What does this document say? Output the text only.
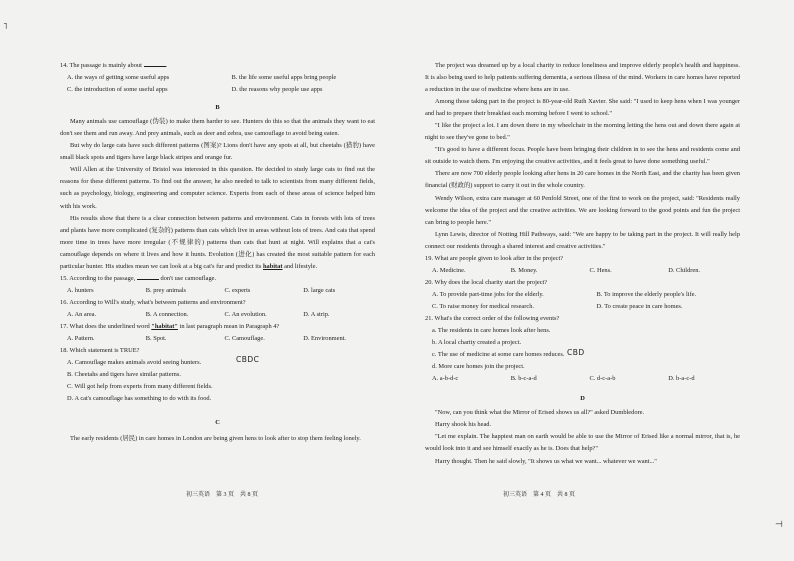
˥
⊣

14. The passage is mainly about	.

A. the ways of getting some useful apps	B. the life some useful apps bring people
C. the introduction of some useful apps	D. the reasons why people use apps
B

Many animals use camouflage (伪装) to make them harder to see. Hunters do this so that the animals they want to eat don't see them and run away. And prey animals, such as deer and zebra, use camouflage to avoid being eaten.

But why do large cats have such different patterns (图案)? Lions don't have any spots at all, but cheetahs (猎豹) have small black spots and tigers have large black stripes and orange fur.

Will Allen at the University of Bristol was interested in this question. He decided to study large cats to find out the reasons for these different patterns. To find out the answer, he also needed to talk to scientists from many different fields, such as psychology, biology, engineering and computer science. Experts from each of these areas of science helped him with his work.

His results show that there is a clear connection between patterns and environment. Cats in forests with lots of trees and plants have more complicated (复杂的) patterns than cats which live in areas without lots of trees. And cats that spend more time in trees have more irregular (不规律的) patterns than cats that hunt at night. Will explains that a cat's camouflage depends on where it lives and how it hunts. Evolution (进化) has created the most suitable pattern for each particular hunter. His studies mean we can look at a big cat's fur and predict its habitat and lifestyle.

15. According to the passage,	don't use camouflage.

A. hunters	B. prey animals	C. experts	D. large cats

16. According to Will's study, what's between patterns and environment?

A. An area.	B. A connection.	C. An evolution.	D. A strip.

17. What does the underlined word "habitat" in last paragraph mean in Paragraph 4?

A. Pattern.	B. Spot.	C. Camouflage.	D. Environment.

18. Which statement is TRUE?

A. Camouflage makes animals avoid seeing hunters.

B. Cheetahs and tigers have similar patterns.

C. Will got help from experts from many different fields.

D. A cat's camouflage has something to do with its food.

CBDC
C

The early residents (居民) in care homes in London are being given hens to look after to stop them feeling lonely.

初三英语　第 3 页　共 8 页

The project was dreamed up by a local charity to reduce loneliness and improve elderly people's health and happiness. It is also being used to help patients suffering dementia, a serious illness of the mind. Workers in care homes have reported a reduction in the use of medicine where hens are in use.

Among those taking part in the project is 80-year-old Ruth Xavier. She said: "I used to keep hens when I was younger and had to prepare their breakfast each morning before I went to school."

"I like the project a lot. I am down there in my wheelchair in the morning letting the hens out and down there again at night to see they've gone to bed."

"It's good to have a different focus. People have been bringing their children in to see the hens and residents come and sit outside to watch them. I'm enjoying the creative activities, and it feels great to have done something useful."

There are now 700 elderly people looking after hens in 20 care homes in the North East, and the charity has been given financial (财政的) support to carry it out in the whole country.

Wendy Wilson, extra care manager at 60 Penfold Street, one of the first to work on the project, said: "Residents really welcome the idea of the project and the creative activities. We are looking forward to the good points and fun the project can bring to people here."

Lynn Lewis, director of Notting Hill Pathways, said: "We are happy to be taking part in the project. It will really help connect our residents through a shared interest and creative activities."

19. What are people given to look after in the project?

A. Medicine.	B. Money.	C. Hens.	D. Children.

20. Why does the local charity start the project?

A. To provide part-time jobs for the elderly.	B. To improve the elderly people's life.
C. To raise money for medical research.	D. To create peace in care homes.

21. What's the correct order of the following events?

a. The residents in care homes look after hens.

b. A local charity created a project.

c. The use of medicine at some care homes reduces.

d. More care homes join the project.

CBD
A. a-b-d-c	B. b-c-a-d	C. d-c-a-b	D. b-a-c-d
D

"Now, can you think what the Mirror of Erised shows us all?" asked Dumbledore.

Harry shook his head.

"Let me explain. The happiest man on earth would be able to use the Mirror of Erised like a normal mirror, that is, he would look into it and see himself exactly as he is. Does that help?"

Harry thought. Then he said slowly, "It shows us what we want... whatever we want..."

初三英语　第 4 页　共 8 页
